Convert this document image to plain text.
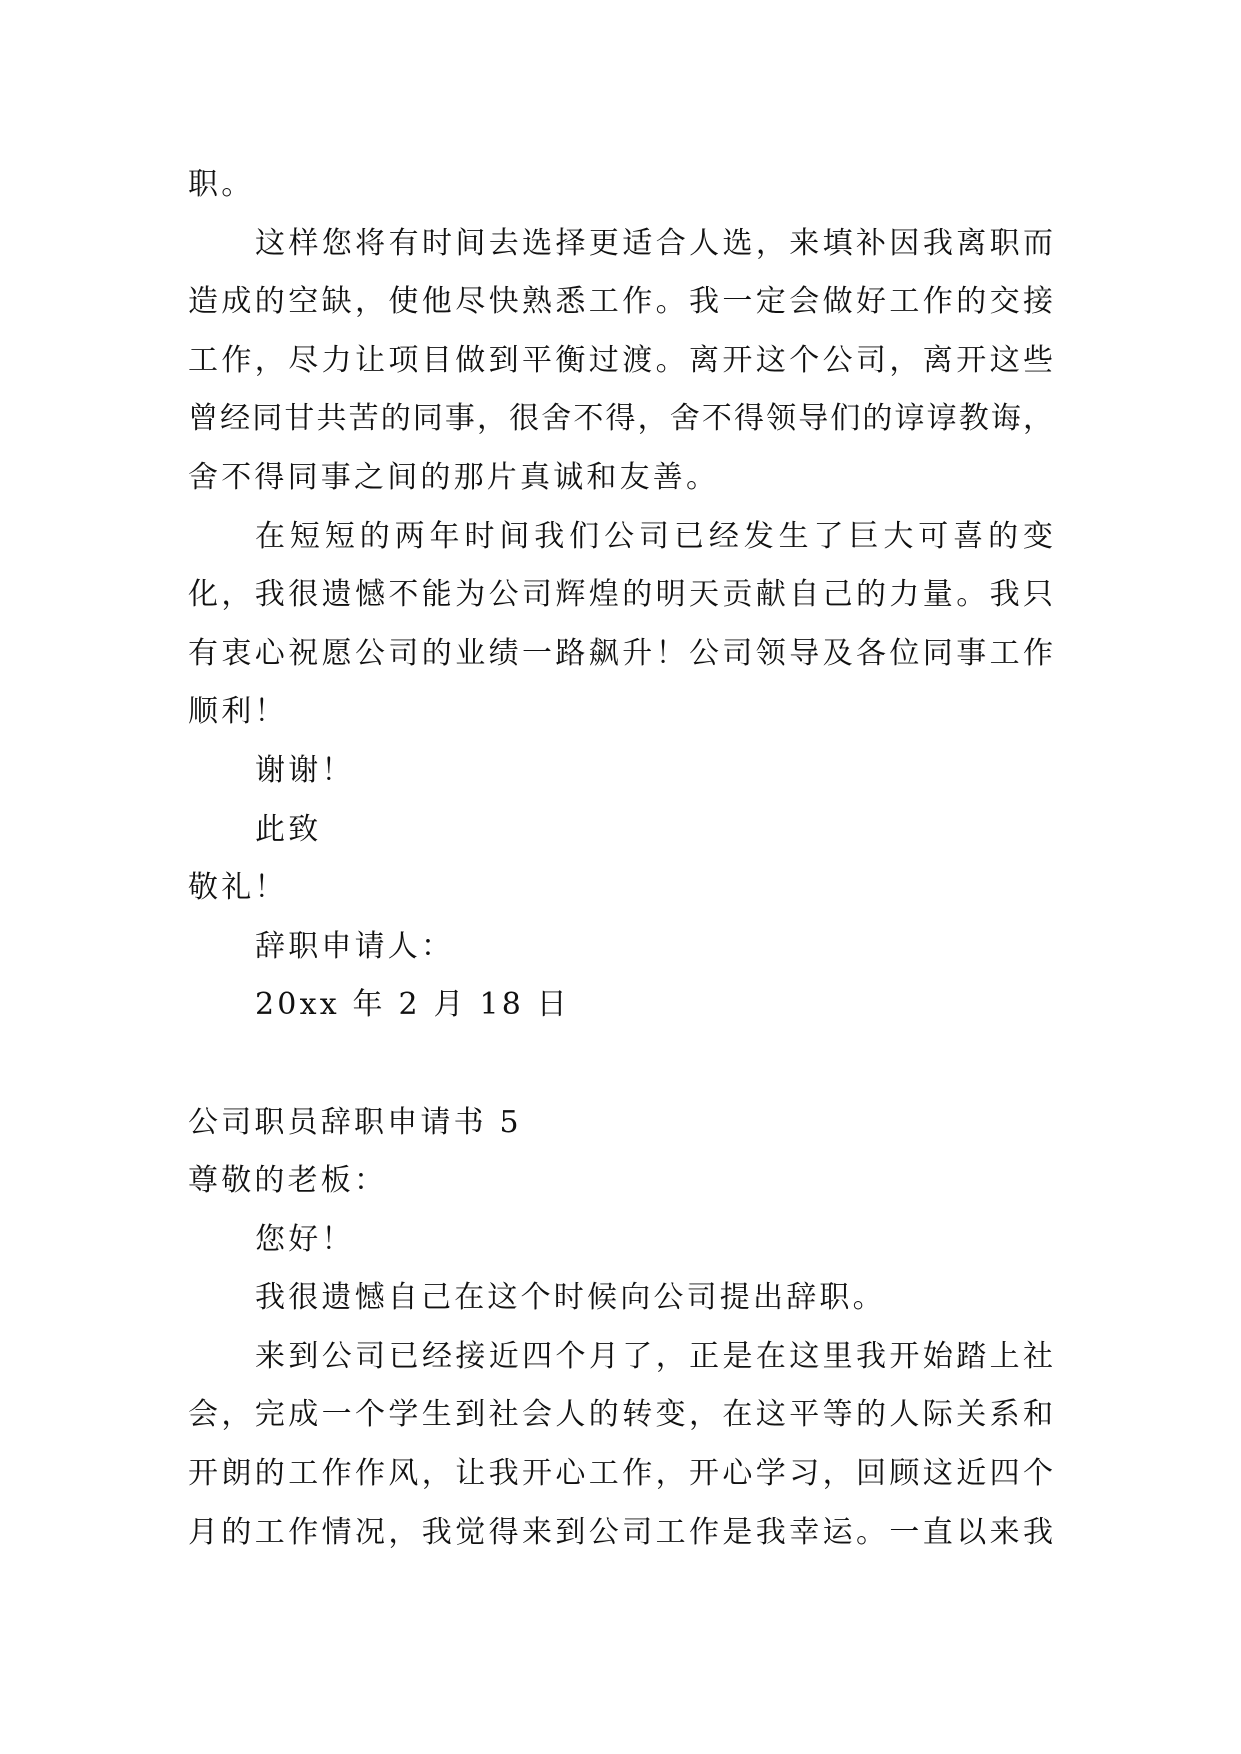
职。
这样您将有时间去选择更适合人选，来填补因我离职而
造成的空缺，使他尽快熟悉工作。我一定会做好工作的交接
工作，尽力让项目做到平衡过渡。离开这个公司，离开这些
曾经同甘共苦的同事，很舍不得，舍不得领导们的谆谆教诲，
舍不得同事之间的那片真诚和友善。
在短短的两年时间我们公司已经发生了巨大可喜的变
化，我很遗憾不能为公司辉煌的明天贡献自己的力量。我只
有衷心祝愿公司的业绩一路飙升！公司领导及各位同事工作
顺利！
谢谢！
此致
敬礼！
辞职申请人：
20xx 年 2 月 18 日
公司职员辞职申请书 5
尊敬的老板：
您好！
我很遗憾自己在这个时候向公司提出辞职。
来到公司已经接近四个月了，正是在这里我开始踏上社
会，完成一个学生到社会人的转变，在这平等的人际关系和
开朗的工作作风，让我开心工作，开心学习，回顾这近四个
月的工作情况，我觉得来到公司工作是我幸运。一直以来我
